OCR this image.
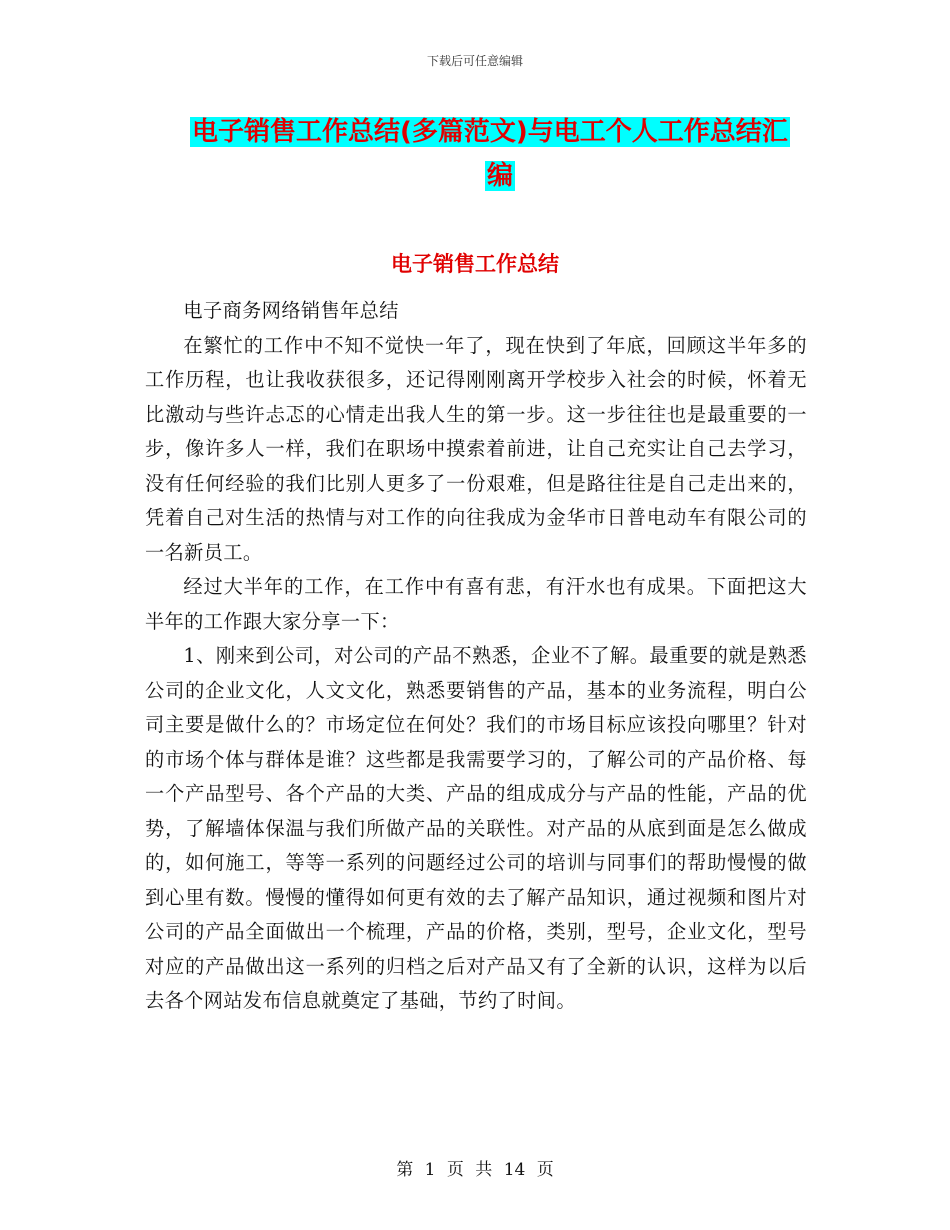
下载后可任意编辑
电子销售工作总结(多篇范文)与电工个人工作总结汇
编
电子销售工作总结

电子商务网络销售年总结

在繁忙的工作中不知不觉快一年了，现在快到了年底，回顾这半年多的工作历程，也让我收获很多，还记得刚刚离开学校步入社会的时候，怀着无比激动与些许忐忑的心情走出我人生的第一步。这一步往往也是最重要的一步，像许多人一样，我们在职场中摸索着前进，让自己充实让自己去学习，没有任何经验的我们比别人更多了一份艰难，但是路往往是自己走出来的，凭着自己对生活的热情与对工作的向往我成为金华市日普电动车有限公司的一名新员工。

经过大半年的工作，在工作中有喜有悲，有汗水也有成果。下面把这大半年的工作跟大家分享一下：

1、刚来到公司，对公司的产品不熟悉，企业不了解。最重要的就是熟悉公司的企业文化，人文文化，熟悉要销售的产品，基本的业务流程，明白公司主要是做什么的？市场定位在何处？我们的市场目标应该投向哪里？针对的市场个体与群体是谁？这些都是我需要学习的，了解公司的产品价格、每一个产品型号、各个产品的大类、产品的组成成分与产品的性能，产品的优势，了解墙体保温与我们所做产品的关联性。对产品的从底到面是怎么做成的，如何施工，等等一系列的问题经过公司的培训与同事们的帮助慢慢的做到心里有数。慢慢的懂得如何更有效的去了解产品知识，通过视频和图片对公司的产品全面做出一个梳理，产品的价格，类别，型号，企业文化，型号对应的产品做出这一系列的归档之后对产品又有了全新的认识，这样为以后去各个网站发布信息就奠定了基础，节约了时间。

第 1 页 共 14 页
